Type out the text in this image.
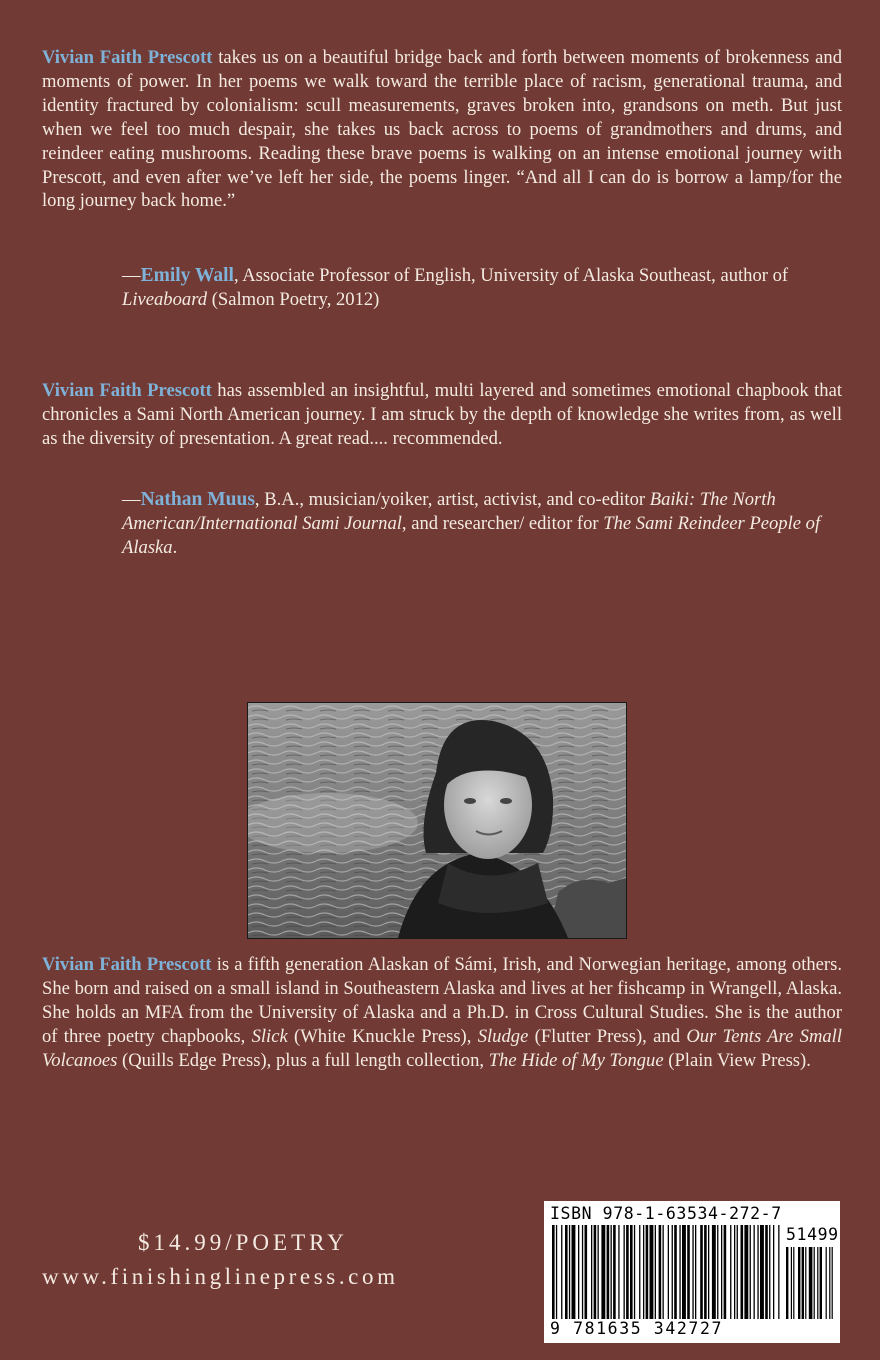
Vivian Faith Prescott takes us on a beautiful bridge back and forth between moments of brokenness and moments of power. In her poems we walk toward the terrible place of racism, generational trauma, and identity fractured by colonialism: scull measurements, graves broken into, grandsons on meth. But just when we feel too much despair, she takes us back across to poems of grandmothers and drums, and reindeer eating mushrooms. Reading these brave poems is walking on an intense emotional journey with Prescott, and even after we’ve left her side, the poems linger. “And all I can do is borrow a lamp/for the long journey back home.”
—Emily Wall, Associate Professor of English, University of Alaska Southeast, author of Liveaboard (Salmon Poetry, 2012)
Vivian Faith Prescott has assembled an insightful, multi layered and sometimes emotional chapbook that chronicles a Sami North American journey. I am struck by the depth of knowledge she writes from, as well as the diversity of presentation. A great read.... recommended.
—Nathan Muus, B.A., musician/yoiker, artist, activist, and co-editor Baiki: The North American/International Sami Journal, and researcher/ editor for The Sami Reindeer People of Alaska.
Vivian Faith Prescott is a fifth generation Alaskan of Sámi, Irish, and Norwegian heritage, among others. She born and raised on a small island in Southeastern Alaska and lives at her fishcamp in Wrangell, Alaska. She holds an MFA from the University of Alaska and a Ph.D. in Cross Cultural Studies. She is the author of three poetry chapbooks, Slick (White Knuckle Press), Sludge (Flutter Press), and Our Tents Are Small Volcanoes (Quills Edge Press), plus a full length collection, The Hide of My Tongue (Plain View Press).
$14.99/POETRY
www.finishinglinepress.com
ISBN 978-1-63534-272-7
51499
9 781635 342727
